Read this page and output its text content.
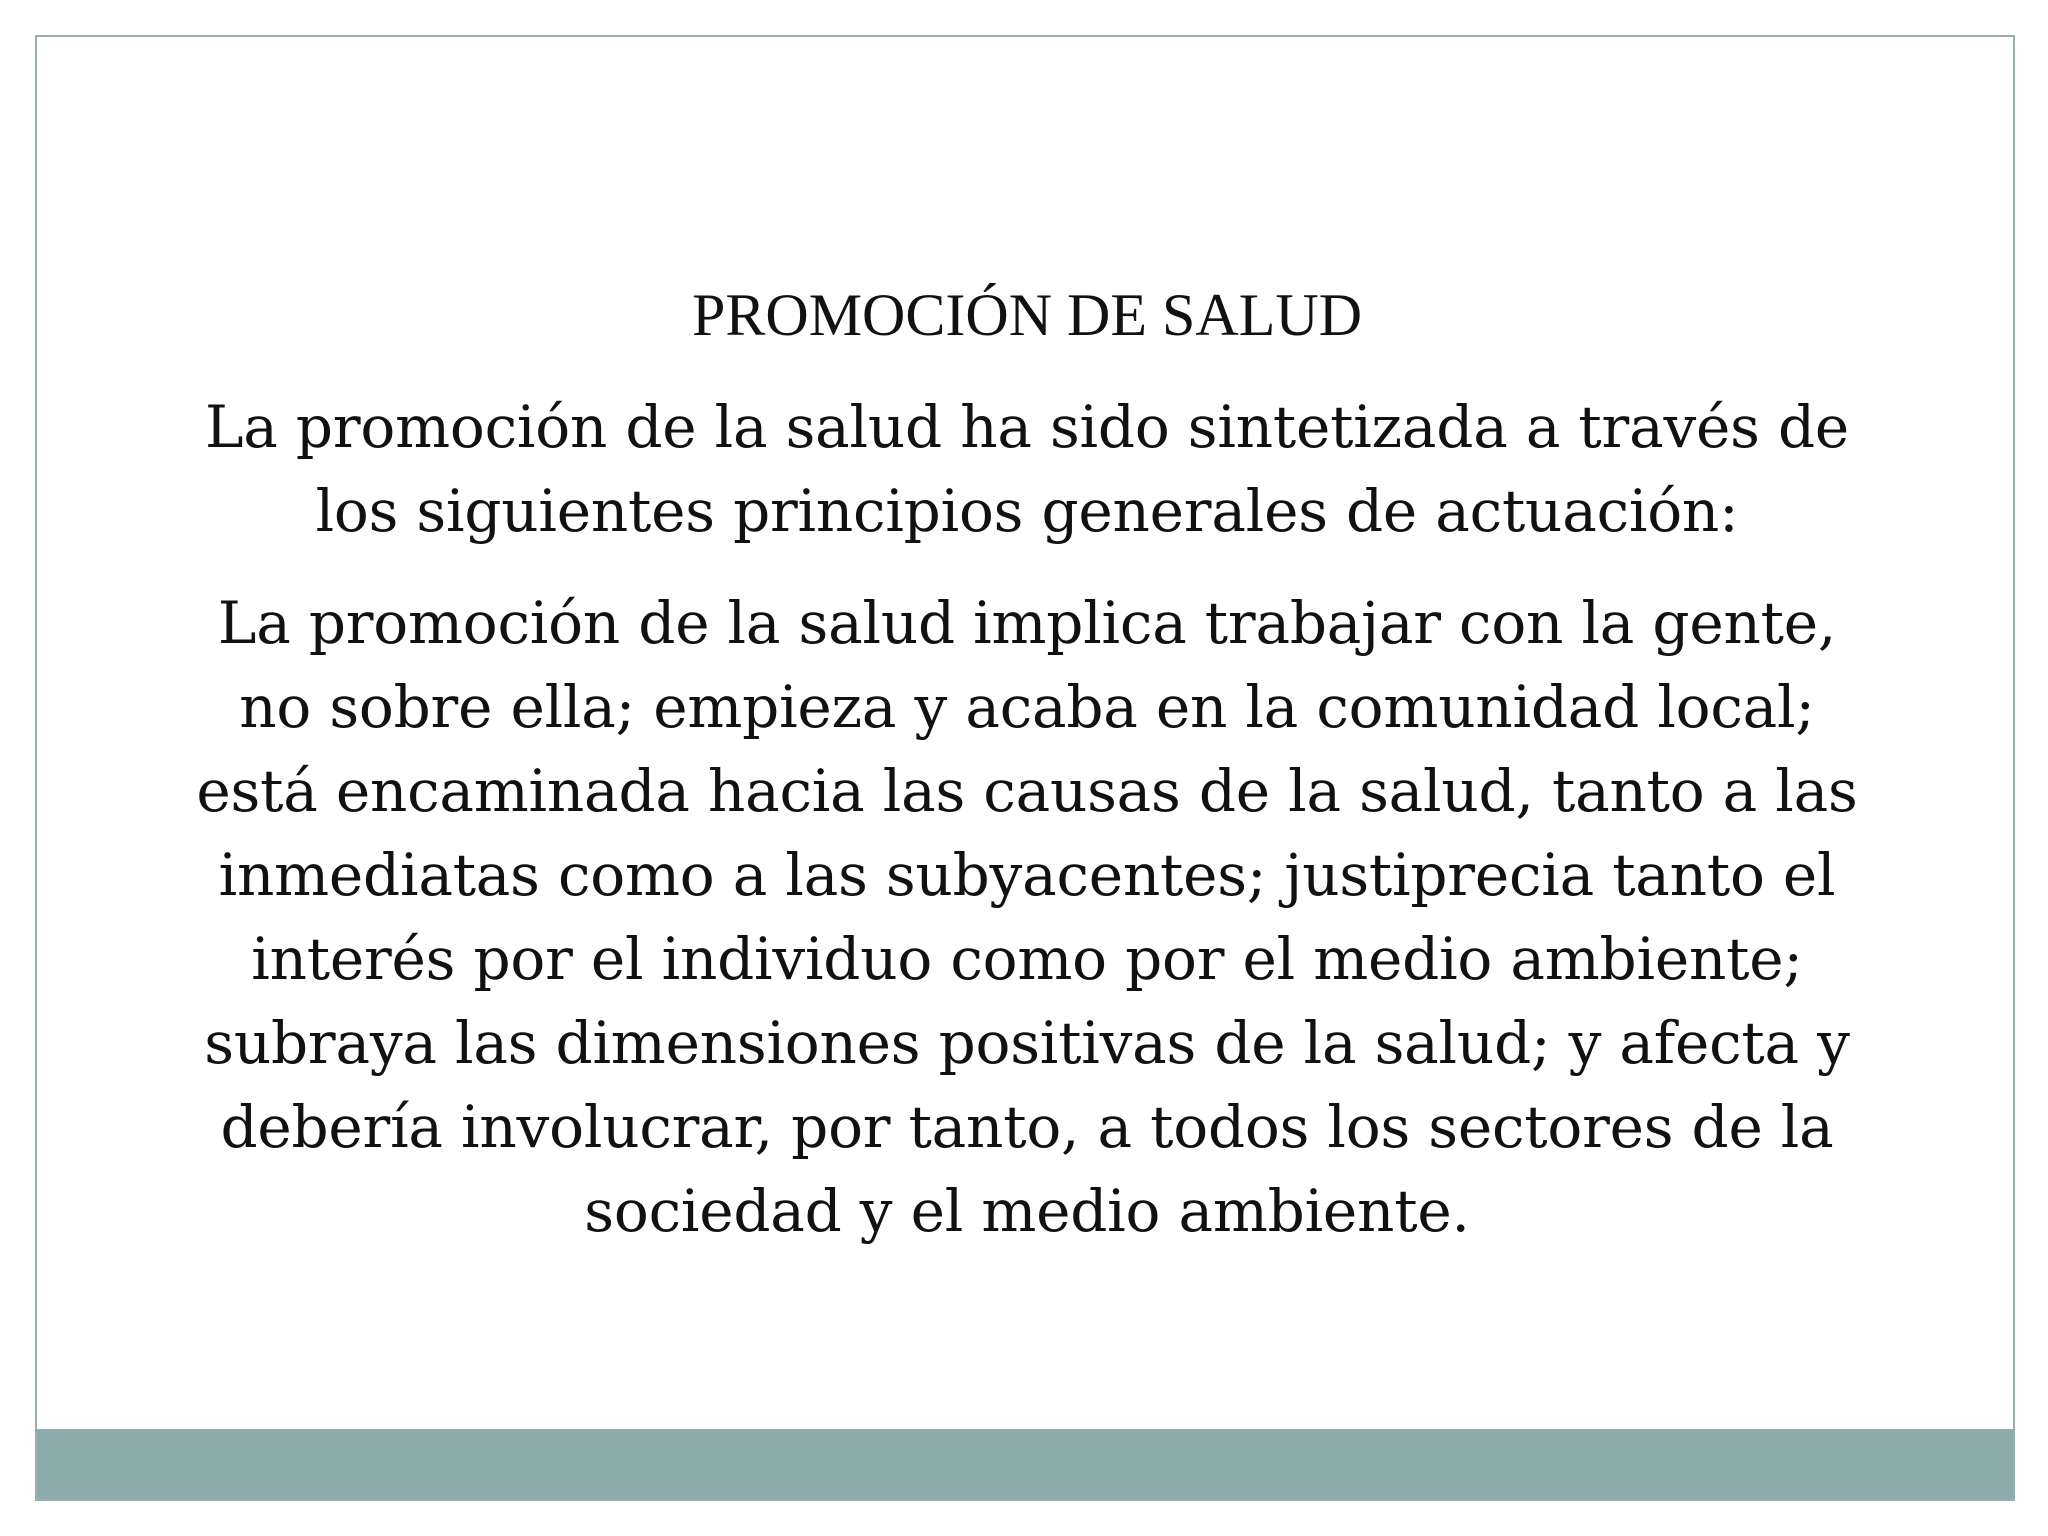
PROMOCIÓN DE SALUD
La promoción de la salud ha sido sintetizada a través de
los siguientes principios generales de actuación:
La promoción de la salud implica trabajar con la gente,
no sobre ella; empieza y acaba en la comunidad local;
está encaminada hacia las causas de la salud, tanto a las
inmediatas como a las subyacentes; justiprecia tanto el
interés por el individuo como por el medio ambiente;
subraya las dimensiones positivas de la salud; y afecta y
debería involucrar, por tanto, a todos los sectores de la
sociedad y el medio ambiente.
